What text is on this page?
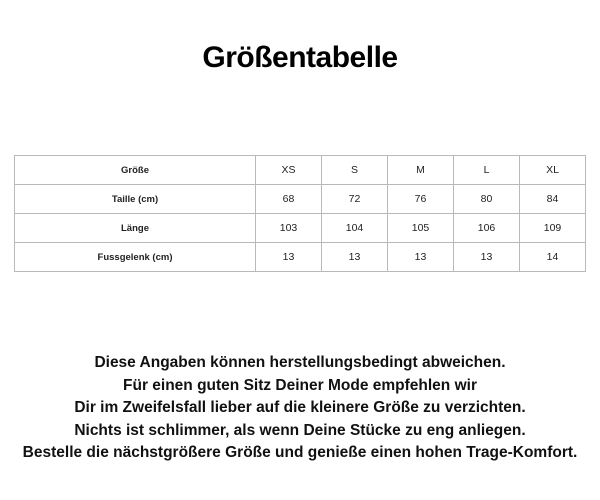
Größentabelle
Größe	XS	S	M	L	XL
Taille (cm)	68	72	76	80	84
Länge	103	104	105	106	109
Fussgelenk (cm)	13	13	13	13	14
Diese Angaben können herstellungsbedingt abweichen.
Für einen guten Sitz Deiner Mode empfehlen wir
Dir im Zweifelsfall lieber auf die kleinere Größe zu verzichten.
Nichts ist schlimmer, als wenn Deine Stücke zu eng anliegen.
Bestelle die nächstgrößere Größe und genieße einen hohen Trage-Komfort.
